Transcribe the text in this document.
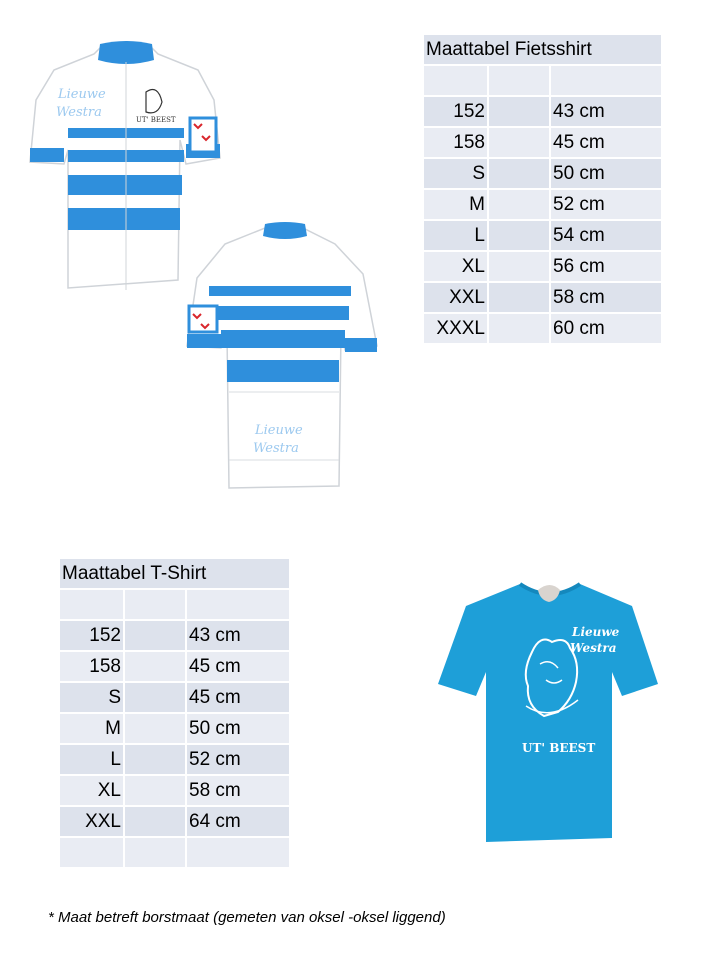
UT' BEEST
Lieuwe
Westra
Lieuwe
Westra
Maattabel Fietsshirt		

152		43 cm
158		45 cm
S		50 cm
M		52 cm
L		54 cm
XL		56 cm
XXL		58 cm
XXXL		60 cm
Maattabel T-Shirt		

152		43 cm
158		45 cm
S		45 cm
M		50 cm
L		52 cm
XL		58 cm
XXL		64 cm

Lieuwe
Westra
UT' BEEST
* Maat betreft borstmaat (gemeten van oksel -oksel liggend)
